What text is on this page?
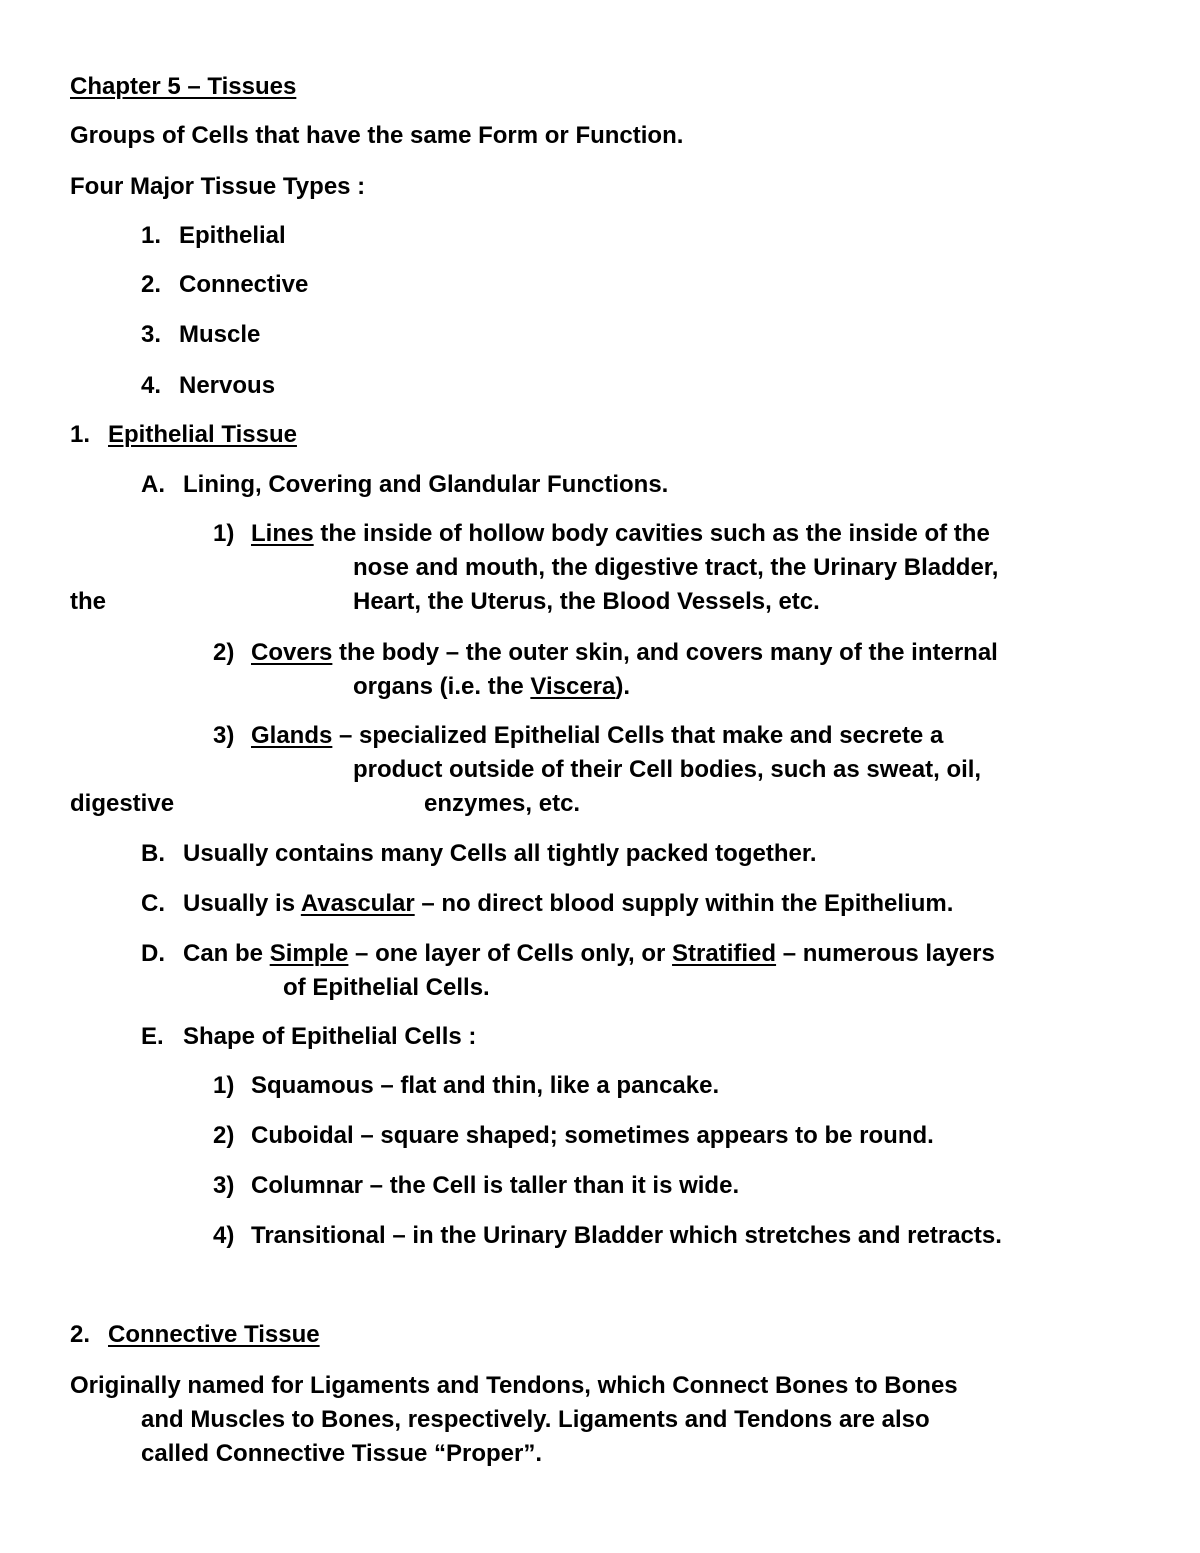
Chapter 5 – Tissues
Groups of Cells that have the same Form or Function.
Four Major Tissue Types :
1. Epithelial
2. Connective
3. Muscle
4. Nervous
1. Epithelial Tissue
A. Lining, Covering and Glandular Functions.
1) Lines the inside of hollow body cavities such as the inside of the
nose and mouth, the digestive tract, the Urinary Bladder,
the	Heart, the Uterus, the Blood Vessels, etc.
2) Covers the body – the outer skin, and covers many of the internal
organs (i.e. the Viscera).
3) Glands – specialized Epithelial Cells that make and secrete a
product outside of their Cell bodies, such as sweat, oil,
digestive	enzymes, etc.
B. Usually contains many Cells all tightly packed together.
C. Usually is Avascular – no direct blood supply within the Epithelium.
D. Can be Simple – one layer of Cells only, or Stratified – numerous layers
of Epithelial Cells.
E. Shape of Epithelial Cells :
1) Squamous – flat and thin, like a pancake.
2) Cuboidal – square shaped; sometimes appears to be round.
3) Columnar – the Cell is taller than it is wide.
4) Transitional – in the Urinary Bladder which stretches and retracts.
2. Connective Tissue
Originally named for Ligaments and Tendons, which Connect Bones to Bones
and Muscles to Bones, respectively. Ligaments and Tendons are also
called Connective Tissue “Proper”.
